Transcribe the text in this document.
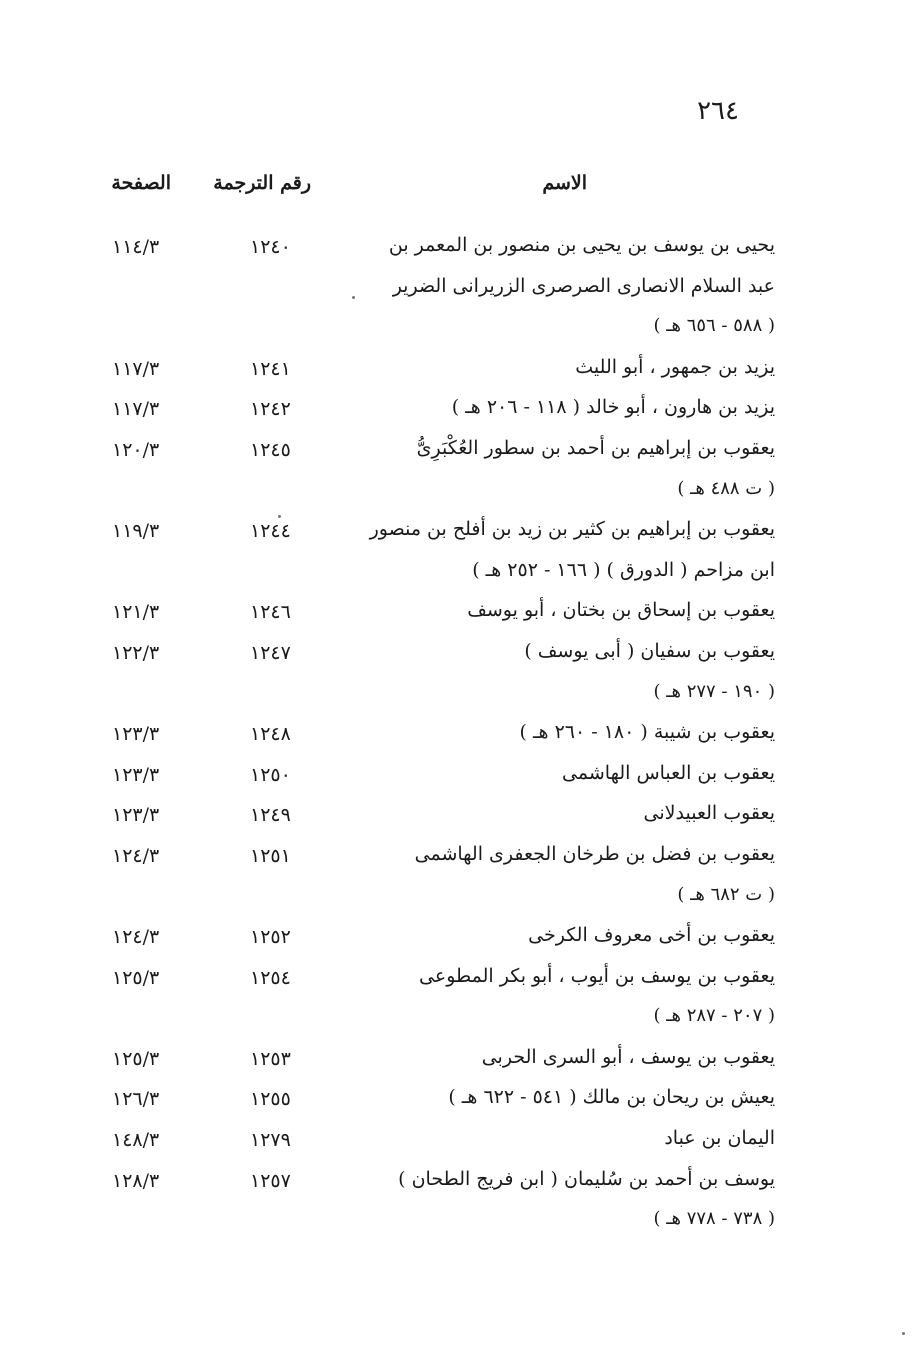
٢٦٤
الاسم
رقم الترجمة
الصفحة
يحيى بن يوسف بن يحيى بن منصور بن المعمر بن
١٢٤٠
١١٤/٣
عبد السلام الانصارى الصرصرى الزريرانى الضرير
( ٥٨٨ - ٦٥٦ هـ )
يزيد بن جمهور ، أبو الليث
١٢٤١
١١٧/٣
يزيد بن هارون ، أبو خالد ( ١١٨ - ٢٠٦ هـ )
١٢٤٢
١١٧/٣
يعقوب بن إبراهيم بن أحمد بن سطور العُكْبَرِىُّ
١٢٤٥
١٢٠/٣
( ت ٤٨٨ هـ )
يعقوب بن إبراهيم بن كثير بن زيد بن أفلح بن منصور
١٢٤٤
١١٩/٣
ابن مزاحم ( الدورق ) ( ١٦٦ - ٢٥٢ هـ )
يعقوب بن إسحاق بن بختان ، أبو يوسف
١٢٤٦
١٢١/٣
يعقوب بن سفيان ( أبى يوسف )
١٢٤٧
١٢٢/٣
( ١٩٠ - ٢٧٧ هـ )
يعقوب بن شيبة ( ١٨٠ - ٢٦٠ هـ )
١٢٤٨
١٢٣/٣
يعقوب بن العباس الهاشمى
١٢٥٠
١٢٣/٣
يعقوب العبيدلانى
١٢٤٩
١٢٣/٣
يعقوب بن فضل بن طرخان الجعفرى الهاشمى
١٢٥١
١٢٤/٣
( ت ٦٨٢ هـ )
يعقوب بن أخى معروف الكرخى
١٢٥٢
١٢٤/٣
يعقوب بن يوسف بن أيوب ، أبو بكر المطوعى
١٢٥٤
١٢٥/٣
( ٢٠٧ - ٢٨٧ هـ )
يعقوب بن يوسف ، أبو السرى الحربى
١٢٥٣
١٢٥/٣
يعيش بن ريحان بن مالك ( ٥٤١ - ٦٢٢ هـ )
١٢٥٥
١٢٦/٣
اليمان بن عباد
١٢٧٩
١٤٨/٣
يوسف بن أحمد بن سُليمان ( ابن فريج الطحان )
١٢٥٧
١٢٨/٣
( ٧٣٨ - ٧٧٨ هـ )
